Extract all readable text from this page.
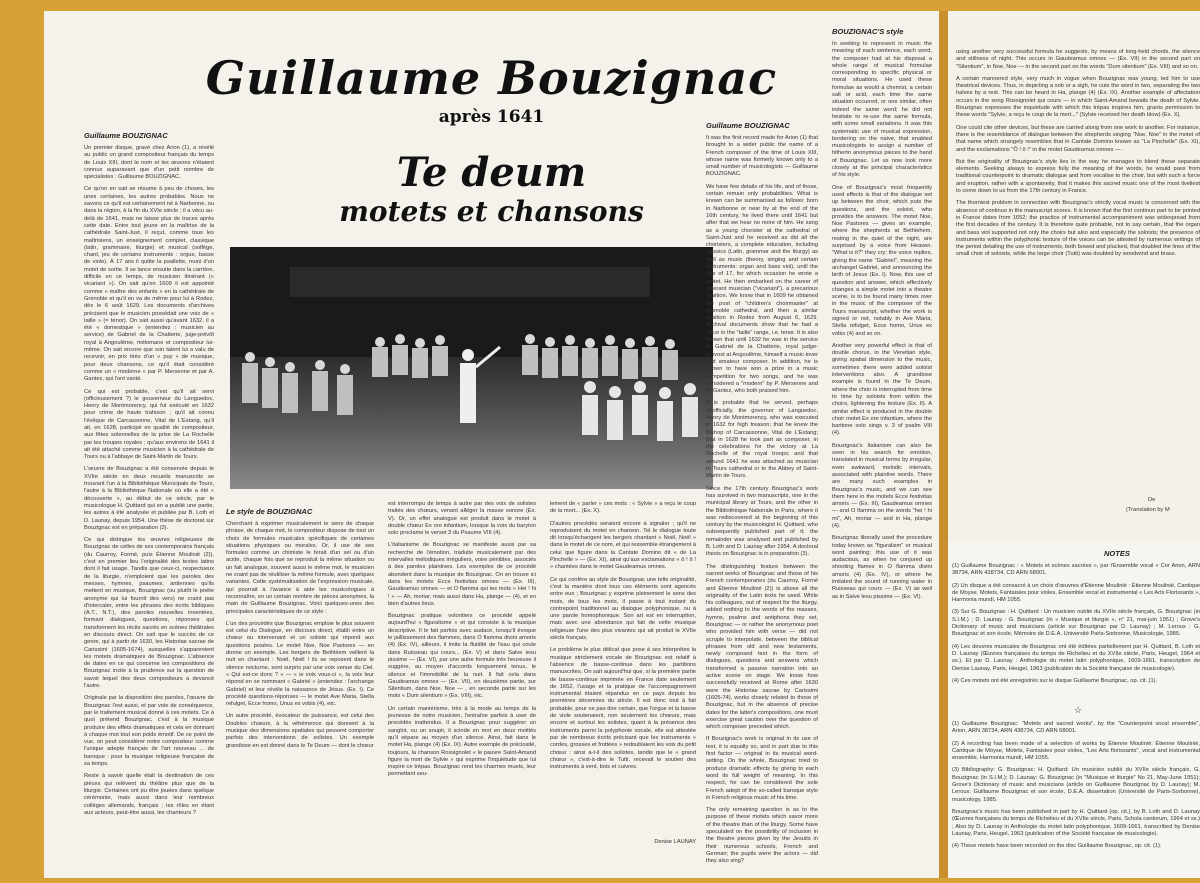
Guillaume Bouzignac
après 1641
Te deum
motets et chansons
Guillaume BOUZIGNAC
Guillaume BOUZIGNAC
Le style de BOUZIGNAC

Un premier disque, gravé chez Arion (1), a révélé au public un grand compositeur français du temps de Louis XIII, dont le nom et les œuvres n'étaient connus auparavant que d'un petit nombre de spécialistes : Guillaume BOUZIGNAC.

Ce qu'on en sait se résume à peu de choses, les unes certaines, les autres probables. Nous ne savons ce qu'il est certainement né à Narbonne, ou dans la région, à la fin du XVIe siècle ; il a vécu au-delà de 1641, mais ne laisse plus de traces après cette date. Entre tout jeune en la maîtrise de la cathédrale Saint-Just, il reçut, comme tous les maîtrisiens, un enseignement complet, classique (latin, grammaire, liturgie) et musical (solfège, chant, jeu de certains instruments : orgue, basse de viole). À 17 ans il quitte la psallette, muni d'un motet de sortie. Il se lance ensuite dans la carrière, difficile en ce temps, de musicien itinérant (« vicariant »). On sait qu'en 1609 il est appointé comme « maître des enfants » en la cathédrale de Grenoble et qu'il en va de même pour lui à Rodez, dès le 6 août 1629. Les documents d'archives précisent que le musicien possédait une voix de « taille » (= ténor). On sait aussi qu'avant 1632, il a été « domestique » (entendez : musicien au service) de Gabriel de la Chatterie, juge-prévôt royal à Angoulême, mélomane et compositeur lui-même. On sait encore que son talent lui a valu de recevoir, en prix tirés d'un « puy » de musique, pour deux chansons, ce qu'il était considéré comme un « moderne » par P. Mersenne et par A. Gantez, qui l'ont vanté.

Ce qui est probable, c'est qu'il ait servi (officieusement ?) le gouverneur du Languedoc, Henry de Montmorency, qui fut exécuté en 1632 pour crime de haute trahison ; qu'il ait connu l'évêque de Carcassonne, Vital de L'Estang, qu'il ait, en 1628, participé en qualité de compositeur, aux fêtes solennelles de la prise de La Rochelle par les troupes royales ; qu'aux environs de 1641 il ait été attaché comme musicien à la cathédrale de Tours ou à l'abbaye de Saint-Martin de Tours.

L'œuvre de Bouzignac a été conservée depuis le XVIIe siècle en deux recueils manuscrits se trouvant l'un à la Bibliothèque Municipale de Tours, l'autre à la Bibliothèque Nationale où elle a été « découverte », au début de ce siècle, par le musicologue H. Quittard qui en a publié une partie, les autres à été analysée et publiée par B. Loth et D. Launay, depuis 1954. Une thèse de doctorat sur Bouzignac est en préparation (3).

Ce qui distingue les œuvres religieuses de Bouzignac de celles de ses contemporains français (du Caurroy, Formé, puis Étienne Moulinié (2)), c'est en premier lieu l'originalité des textes latins dont il fait usage. Tandis que ceux-ci, respectueux de la liturgie, n'emploient que les paroles des messes, hymnes, psaumes, antiennes qu'ils mettent en musique, Bouzignac (ou plutôt le poète anonyme qui lui fournit des vers) ne craint pas d'intercaler, entre les phrases des écrits bibliques (A.T., N.T.), des paroles nouvelles inventées, formant dialogues, questions, réponses qui transforment les récits sacrés en scènes théâtrales en discours direct. On sait que le succès de ce genre, qui à partir de 1630, les Historiae sacrae de Carissimi (1605-1674), auxquelles s'apparentent les motets dramatiques de Bouzignac. L'absence de dates en ce qui concerne les compositions de Bouzignac incite à la prudence sur la question de savoir lequel des deux compositeurs a devancé l'autre.

Originale par la disposition des paroles, l'œuvre de Bouzignac l'est aussi, et par voie de conséquence, par le traitement musical donné à ces motets. Ce à quoi prétend Bouzignac, c'est à la musique produire des effets dramatiques et cela en donnant à chaque mot tout son poids émotif. De ce point de vue, on peut considérer notre compositeur comme l'unique adepte français de l'art nouveau ... de baroque : pour la musique religieuse française de sa temps.

Reste à savoir quelle était la destination de ces pièces qui relèvent du théâtre plus que de la liturgie. Certaines ont pu être jouées dans quelque cérémonie, mais aussi dans leur nombreux collèges allemands, français ; les rôles en étant aux acteurs, peut-être aussi, les chanteurs ?

Cherchant à exprimer musicalement le sens de chaque phrase, de chaque mot, le compositeur dispose de tout un choix de formules musicales spécifiques de certaines situations physiques ou morales. Or, il use de ses formules comme un chimiste le ferait d'un sel ou d'un acide, chaque fois que se reproduit la même situation ou un fait analogue, souvent aussi le même mot, le musicien ne craint pas de réutiliser la même formule, avec quelques variantes. Cette systématisation de l'expression musicale, qui pourrait à l'avance à aide les musicologues à reconnaître, en un certain nombre de pièces anonymes, la main de Guillaume Bouzignac. Voici quelques-unes des principales caractéristiques de ce style :

L'un des procédés que Bouzignac emploie le plus souvent est celui du Dialogue, en discours direct, établi entre un chœur ou intervenant et un soliste qui répond aux questions posées. Le motet Noe, Noe Pastores — en donne un exemple. Les bergers de Bethléem veillent la nuit en chantant : Noël, Noël ! ils se reposent dans le silence nocturne, sont surpris par une voix venue du Ciel. « Qui est-ce donc ? » — « ie voix vous-ci », la voix leur répond en se nommant « Gabriel » (entendez : l'archange Gabriel) et leur révèle la naissance de Jésus. (Ex. I). Ce procédé questions-réponses — le motet Ave Maria, Stella refulget, Ecce homo, Unus ex vobis (4), etc.

Un autre procédé, évocateur de puissance, est celui des Doubles chœurs, à la véhémence qui donnent à la musique des dimensions spatiales qui peuvent comporter parfois des interventions de solistes. Un exemple grandiose en est donné dans le Te Deum — dont le chœur

est interrompu de temps à autre par des voix de solistes traités des chœurs, venant alléger la masse sonore (Ex. V). Or, un effet analogue est produit dans le motet à double chœur Ex ore infantium, lorsque la voix du baryton solo proclame le verset 3 du Psaume VIII (4).

L'italianisme de Bouzignac se manifeste aussi par sa recherche de l'émotion, traduite musicalement par des intervalles mélodiques irréguliers, voire pénibles, associés à des paroles plaintives. Les exemples de ce procédé abondent dans la musique de Bouzignac. On en trouve ici dans les motets Ecce festivitas omnes — (Ex. III), Gaudeamus omnes — et O flamma qui les mots « Hei ! hi ! » — Ah, moriar, mais aussi dans Ha, plange — (4), et en bien d'autres lieux.

Bouzignac pratique volontiers ce procédé appelé aujourd'hui « figuralisme » et qui consiste à la musique descriptive. Il le fait parfois avec audace, lorsqu'il évoque le jaillissement des flammes, dans O flamma divini amoris (4) (Ex. IV), ailleurs, il imite la fluidité de l'eau qui coule dans Ruisseau qui cours... (Ex. V) et dans Salve lesu pissime — (Ex. VI), par une autre formule très heureuse il suggère, au moyen d'accords longuement tenus, le silence et l'immobilité de la nuit. Il fait cela dans Gaudeamus omnes — (Ex. VII), en deuxième partie, sur Silentium, dans Noe, Noe — , en seconde partie sur les mots « Dum silentium » (Ex. VIII), etc.

Un certain maniérisme, très à la mode au temps de la jeunesse de notre musicien, l'entraîne parfois à user de procédés inattendus. Il a Bouzignac pour suggérer un sanglot, ou un soupir, il scinde en mot en deux moitiés qu'il sépare au moyen d'un silence. Ainsi, fait dans le motet Ha, plange (4) (Ex. IX). Autre exemple de préciosité, toujours, la chanson Rossignolet « le pauvre Saint-Amand figure la mort de Sylvie » qui exprime l'inquiétude que lui inspire ce trépas. Bouzignac rend les charmes muets, leur permettant seu-

lement de « parler » ces mots : « Sylvie » a reçu le coup de la mort... (Ex. X).

D'autres procédés seraient encore à signaler ; qu'il ne reproduisent du motet en chanson. Tel le dialogue toute dit lorsqu'échangent les bergers chantant « Noël, Noël » dans le motet de ce nom, et qui ressemble étrangement à celui que figure dans la Cantate Domino dit « de La Pinchelle » — (Ex. XI), ainsi qu'aux exclamations « ô ! ô ! » chantées dans le motet Gaudeamus omnes.

Ce qui confère au style de Bouzignac une telle originalité, c'est la manière dont tous ces éléments sont agencés entre eux ; Bouzignac y exprime pleinement le sens des mots, de tous les mots, il passe à tout instant du contrepoint traditionnel au dialogue polyphonique, ou à une parole homophonique. Son art est en interruption, mais avec une abondance qui fait de cette musique religieuse l'une des plus vivantes qui ait produit le XVIIe siècle français.

Le problème le plus délicat que pose à ses interprètes la musique strictement vocale de Bouzignac est relatif à l'absence de basse-continue dans les partitions manuscrites. On sait aujourd'hui que, si la première partie de basse-continue imprimée en France date seulement de 1652, l'usage et la pratique de l'accompagnement instrumental étaient répandus en ce pays depuis les premières décennies du siècle. Il est donc tout à fait probable, pour ne pas dire certain, que l'orgue et la basse de viole soutenaient, non seulement les chœurs, mais encore et surtout les solistes, quant à la présence des instruments parmi la polyphonie vocale, elle est attestée par de nombreux écrits précisant que les instruments « cordes, grosses et frottées » redoublaient les voix du petit chœur : ainsi a-t-il des solistes, tandis que le « grand chœur », c'est-à-dire le Tutti, recevait le soutien des instruments à vent, bois et cuivres.

Denise LAUNAY

It was the first record made for Arion (1) that brought to a wider public the name of a French composer of the time of Louis XIII, whose name was formerly known only to a small number of musicologists — Guillaume BOUZIGNAC.

We have few details of his life, and of those, certain remain only probabilities. What is known can be summarised as follows: born in Narbonne or near by at the end of the 16th century, he lived there until 1641 but after that we hear no more of him. He sang as a young chorister at the cathedral of Saint-Just and he received as did all the choristers, a complete education, including classics (Latin, grammar and the liturgy) as well as music (theory, singing and certain instruments: organ and bass viol), until the age of 17, for which occasion he wrote a motet. He then embarked on the career of itinerant musician ("vicariant"), a precarious position. We know that in 1609 he obtained the post of "children's choirmaster" at Grenoble cathedral, and then a similar position in Rodez from August 6, 1629. Archival documents show that he had a voice in the "taille" range, i.e. tenor. It is also known that until 1632 he was in the service of Gabriel de la Chatterie, royal judge-provost at Angoulême, himself a music-lover and amateur composer. In addition, he is known to have won a prize in a music competition for two songs, and he was considered a "modern" by P. Mersenne and A. Gantez, who both praised him.

It is probable that he served, perhaps unofficially, the governor of Languedoc, Henry de Montmorency, who was executed in 1632 for high treason; that he knew the Bishop of Carcassonne, Vital de L'Estang; that in 1628 he took part as composer, in the celebrations for the victory at La Rochelle of the royal troops; and that around 1641 he was attached as musician to Tours cathedral or to the Abbey of Saint-Martin de Tours.

Since the 17th century Bouzignac's work has survived in two manuscripts, one in the municipal library at Tours, and the other in the Bibliothèque Nationale in Paris, where it was rediscovered at the beginning of this century by the musicologist H. Quittard, who subsequently published part of it; the remainder was analysed and published by B. Loth and D. Launay after 1954. A doctoral thesis on Bouzignac is in preparation (3).

The distinguishing feature between the sacred works of Bouzignac and those of his French contemporaries (du Caurroy, Formé and Étienne Moulinié (2)) is above all the originality of the Latin texts he used. While his colleagues, out of respect for the liturgy, added nothing to the words of the masses, hymns, psalms and antiphons they set, Bouzignac — or rather the anonymous poet who provided him with verse — did not scruple to interpolate, between the biblical phrases from old and new testaments, newly composed text in the form of dialogues, questions and answers which transformed a passive narration into an active scene on stage. We know how successfully received at Rome after 1630 were the Historiae sacrae by Carissimi (1605-74), works closely related to those of Bouzignac, but in the absence of precise dates for the latter's compositions, one must exercise great caution over the question of which composer preceded which.

If Bouzignac's work is original in its use of text, it is equally so, and in part due to this first factor — original in its musical word-setting. On the whole, Bouzignac tried to produce dramatic effects by giving to each word its full weight of meaning. In this respect, he can be considered the sole French adept of the so-called baroque style in French religious music of his time.

The only remaining question is as to the purpose of these motets which savor more of the theatre than of the liturgy. Some have speculated on the possibility of inclusion in the theatre pieces given by the Jesuits in their numerous schools, French and German; the pupils were the actors — did they also sing?

BOUZIGNAC'S style

In seeking to represent in music the meaning of each sentence, each word, the composer had at his disposal a whole range of musical formulae corresponding to specific physical or moral situations. He used these formulae as would a chemist, a certain salt or acid, each time the same situation occurred, or one similar, often indeed the same word; he did not hesitate to re-use the same formula, with some small variations. It was this systematic use of musical expression, bordering on the naive, that enabled musicologists to assign a number of hitherto anonymous pieces to the hand of Bouzignac. Let us now look more closely at the principal characteristics of his style.

One of Bouzignac's most frequently used effects is that of the dialogue set up between the choir, which puts the questions, and the soloist, who provides the answers. The motet Noe, Noe Pastores — gives an example, where the shepherds at Bethlehem, resting in the quiet of the night, are surprised by a voice from Heaven. "What is it?" they cry; the voice replies, giving the name "Gabriel", meaning the archangel Gabriel, and announcing the birth of Jesus (Ex. I). Now, this use of question and answer, which effectively changes a simple motet into a theatre scene, is to be found many times over in the music of the composer of the Tours manuscript, whether the work is signed or not, notably in Ave Maria, Stella refulget, Ecce homo, Unus ex vobis (4) and so on.

Another very powerful effect is that of double chorus, in the Venetian style, giving spatial dimension to the music, sometimes there were added soloist interventions also. A grandiose example is found in the Te Deum, where the choir is interrupted from time to time by soloists from within the choirs, lightening the texture (Ex. II). A similar effect is produced in the double choir motet Ex ore infantium, where the baritone solo sings v. 3 of psalm VIII (4).

Bouzignac's Italianism can also be seen in his search for emotion, translated in musical terms by irregular, even awkward, melodic intervals, associated with plaintive words. There are many such examples in Bouzignac's music, and we can see them here in the motets Ecce festivitas amoris — (Ex. III), Gaudeamus omnes — and O flamma on the words "hei ! hi mi", Ah, moriar — and in Ha, plange (4).

Bouzignac liberally used the procedure today known as "figuralism" or musical word painting; this use of it was audacious, as when he conjured up shooting flames in O flamma divini amoris (4) (Ex. IV), or where he imitated the sound of running water in Ruisseau qui cours — (Ex. V) as well as in Salve lesu pissime — (Ex. VI).

using another very successful formula he suggests, by means of long-held chords, the silence and stillness of night. This occurs in Gaudeamus omnes — (Ex. VII) in the second part on "Silentium", in Noe, Noe — in the second part on the words "Dum silentium" (Ex. VIII) and so on.

A certain mannered style, very much in vogue when Bouzignac was young, led him to use theatrical devices. Thus, in depicting a sob or a sigh, he cuts the word in two, separating the two halves by a rest. This can be heard in Ha, plange (4) (Ex. IX). Another example of affectation occurs in the song Rossignolet qui cours — in which Saint-Amand bewails the death of Sylvie. Bouzignac expresses the inquietude with which this trépas inspires him, grants permission to these words "Sylvie, a reçu le coup de la mort..." (Sylvie received her death blow) (Ex. X).

One could cite other devices, but these are carried along from one work to another. For instance, there is the resemblance of dialogue between the shepherds singing "Noe, Noe" in the motet of that name which strangely resembles that in Cantate Domino known as "La Pinchelle" (Ex. XI), and the exclamations "Ô ! ô !" in the motet Gaudeamus omnes — .

But the originality of Bouzignac's style lies in the way he manages to blend these separate elements. Seeking always to express fully the meaning of the words, he would pass from traditional counterpoint to dramatic dialogue and from vocalise to the choir, but with such a force and eruption, rather with a spontaneity, that it makes this sacred music one of the most liveliest to come down to us from the 17th century in France.

The thorniest problem in connection with Bouzignac's strictly vocal music is concerned with the absence of continuo in the manuscript scores. It is known that the first continuo part to be printed in France dates from 1652; the practice of instrumental accompaniment was widespread from the first decades of the century. It is therefore quite probable, not to say certain, that the organ and bass viol supported not only the choirs but also and especially the soloists; the presence of instruments within the polyphonic texture of the voices can be attested by numerous writings of the period detailing the use of instruments, both bowed and plucked, that doubled the lines of the small choir of soloists, while the large choir (Tutti) was doubled by woodwind and brass.

De
(Translation by M
NOTES

(1) Guillaume Bouzignac : « Motets et scènes sacrées », par l'Ensemble vocal « Cor Arion, ARN 38734, ARN 438734, CD ARN 68001.

(2) Un disque a été consacré à un choix d'œuvres d'Étienne Moulinié : Étienne Moulinié, Cantique de Moyse, Motets, Fantaisies pour violes, Ensemble vocal et instrumental « Les Arts Florissants », Harmonia mundi, HM 1055.

(3) Sur G. Bouzignac : H. Quittard : Un musicien oublié du XVIIe siècle français, G. Bouzignac (in S.I.M.) ; D. Launay : G. Bouzignac (in « Musique et liturgie », n° 21, mai-juin 1951) ; Grove's Dictionary of music and musicians (article sur Bouzignac par D. Launay) ; M. Leroux : G. Bouzignac et son école, Mémoire de D.E.A. Université Paris-Sorbonne, Musicologie, 1985.

(4) Les deuvres musicales de Bouzignac ont été éditées partiellement par H. Quittard, B. Loth et D. Launay (Œuvres françaises du temps de Richelieu et du XVIIe siècle, Paris, Heugel, 1964 et ss.). Et par D. Launay : Anthologie du motet latin polyphonique, 1609-1661, transcription de Denise Launay, Paris, Heugel, 1963 (publication de la Société française de musicologie).

(4) Ces motets ont été enregistrés sur le disque Guillaume Bouzignac, op. cit. (1).

☆

(1) Guillaume Bouzignac: "Motets and sacred works", by the "Counterpoint vocal ensemble", Arion, ARN 38734, ARN 438734, CD ARN 68001.

(2) A recording has been made of a selection of works by Étienne Moulinié: Étienne Moulinié, Cantique de Moyse, Motets, Fantaisies pour violes, "Les Arts florissants", vocal and instrumental ensemble, Harmonia mundi, HM 1055.

(3) Bibliography: G. Bouzignac: H. Quittard: Un musicien oublié du XVIIe siècle français, G. Bouzignac (in S.I.M.); D. Launay: G. Bouzignac (in "Musique et liturgie" No 21, May-June 1951); Grove's Dictionary of music and musicians (article on Guillaume Bouzignac by D. Launay); M. Leroux: Guillaume Bouzignac et son école, D.E.A. dissertation (Université de Paris-Sorbonne), musicology, 1985.

Bouzignac's music has been published in part by H. Quittard (op. cit.), by B. Loth and D. Launay (Œuvres françaises du temps de Richelieu et du XVIIe siècle, Paris, Schola cantorum, 1964 et ss.) ; Also by D. Launay in Anthologie du motet latin polyphonique, 1609-1661, transcribed by Denise Launay, Paris, Heugel, 1963 (publication of the Société française de musicologie).

(4) These motets have been recorded on the disc Guillaume Bouzignac, op. cit. (1).
